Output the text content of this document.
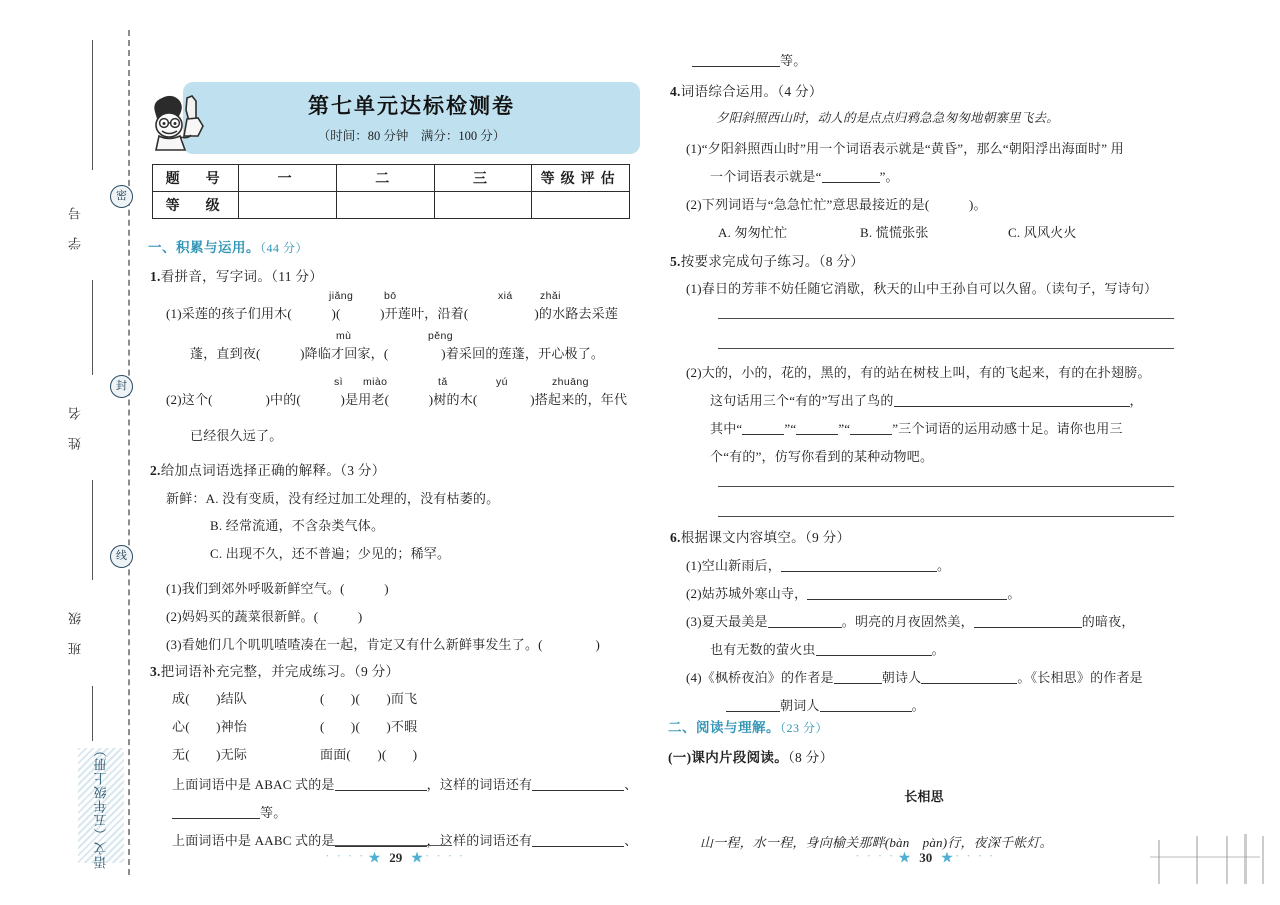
密
封
线
学 号
姓 名
班 级
语文（五年级上册）
第七单元达标检测卷
（时间：80 分钟　满分：100 分）
题　号	一	二	三	等级评估
等　级				
一、积累与运用。（44 分）
1.看拼音，写字词。（11 分）
jiǎng	bō	xiá	zhǎi
(1)采莲的孩子们用木(　　　)(　　　)开莲叶，沿着(　　　　　)的水路去采莲
mù	pěng
蓬，直到夜(　　　)降临才回家，(　　　　)着采回的莲蓬，开心极了。
sì miào	tǎ	yú	zhuāng
(2)这个(　　　　)中的(　　　)是用老(　　　)树的木(　　　　)搭起来的，年代
已经很久远了。
2.给加点词语选择正确的解释。（3 分）
新鲜：A. 没有变质，没有经过加工处理的，没有枯萎的。
B. 经常流通，不含杂类气体。
C. 出现不久，还不普遍；少见的；稀罕。
(1)我们到郊外呼吸新鲜空气。(　　　)
(2)妈妈买的蔬菜很新鲜。(　　　)
(3)看她们几个叽叽喳喳凑在一起，肯定又有什么新鲜事发生了。(　　　　)
3.把词语补充完整，并完成练习。（9 分）
成(　　)结队	(　　)(　　)而飞
心(　　)神怡	(　　)(　　)不暇
无(　　)无际	面面(　　)(　　)
上面词语中是 ABAC 式的是	，这样的词语还有	、
等。
上面词语中是 AABC 式的是	，这样的词语还有	、
等。
4.词语综合运用。（4 分）
夕阳斜照西山时，动人的是点点归鸦急急匆匆地朝寨里飞去。
(1)“夕阳斜照西山时”用一个词语表示就是“黄昏”，那么“朝阳浮出海面时” 用
一个词语表示就是“	”。
(2)下列词语与“急急忙忙”意思最接近的是(　　　)。
A. 匆匆忙忙	B. 慌慌张张	C. 风风火火
5.按要求完成句子练习。（8 分）
(1)春日的芳菲不妨任随它消歇，秋天的山中王孙自可以久留。（读句子，写诗句）
(2)大的，小的，花的，黑的，有的站在树枝上叫，有的飞起来，有的在扑翅膀。
这句话用三个“有的”写出了鸟的	，
其中“	”“	”“	”三个词语的运用动感十足。请你也用三
个“有的”，仿写你看到的某种动物吧。
6.根据课文内容填空。（9 分）
(1)空山新雨后，	。
(2)姑苏城外寒山寺，	。
(3)夏天最美是	。明亮的月夜固然美，	的暗夜，
也有无数的萤火虫	。
(4)《枫桥夜泊》的作者是	朝诗人	。《长相思》的作者是
朝词人	。
二、阅读与理解。（23 分）
(一)课内片段阅读。（8 分）
长相思
山一程，水一程，身向榆关那畔(bàn　pàn)行，夜深千帐灯。
· · · · ★ 29 ★ · · · ·	· · · · ★ 30 ★ · · · ·
